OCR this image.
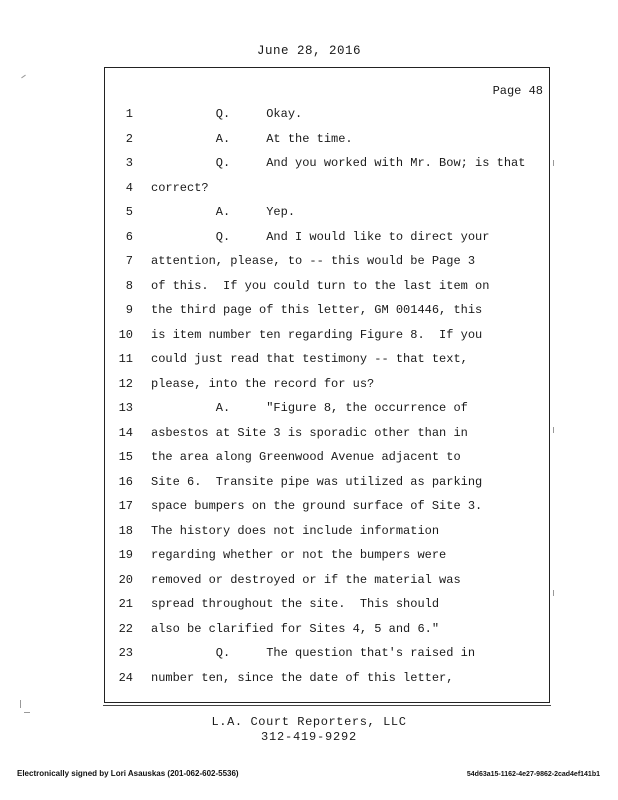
June 28, 2016
Page 48
1 Q.     Okay.
2 A.     At the time.
3 Q.     And you worked with Mr. Bow; is that
4 correct?
5 A.     Yep.
6 Q.     And I would like to direct your
7 attention, please, to -- this would be Page 3
8 of this.  If you could turn to the last item on
9 the third page of this letter, GM 001446, this
10 is item number ten regarding Figure 8.  If you
11 could just read that testimony -- that text,
12 please, into the record for us?
13 A.     "Figure 8, the occurrence of
14 asbestos at Site 3 is sporadic other than in
15 the area along Greenwood Avenue adjacent to
16 Site 6.  Transite pipe was utilized as parking
17 space bumpers on the ground surface of Site 3.
18 The history does not include information
19 regarding whether or not the bumpers were
20 removed or destroyed or if the material was
21 spread throughout the site.  This should
22 also be clarified for Sites 4, 5 and 6."
23 Q.     The question that's raised in
24 number ten, since the date of this letter,
L.A. Court Reporters, LLC
312-419-9292
Electronically signed by Lori Asauskas (201-062-602-5536)	54d63a15-1162-4e27-9862-2cad4ef141b1
